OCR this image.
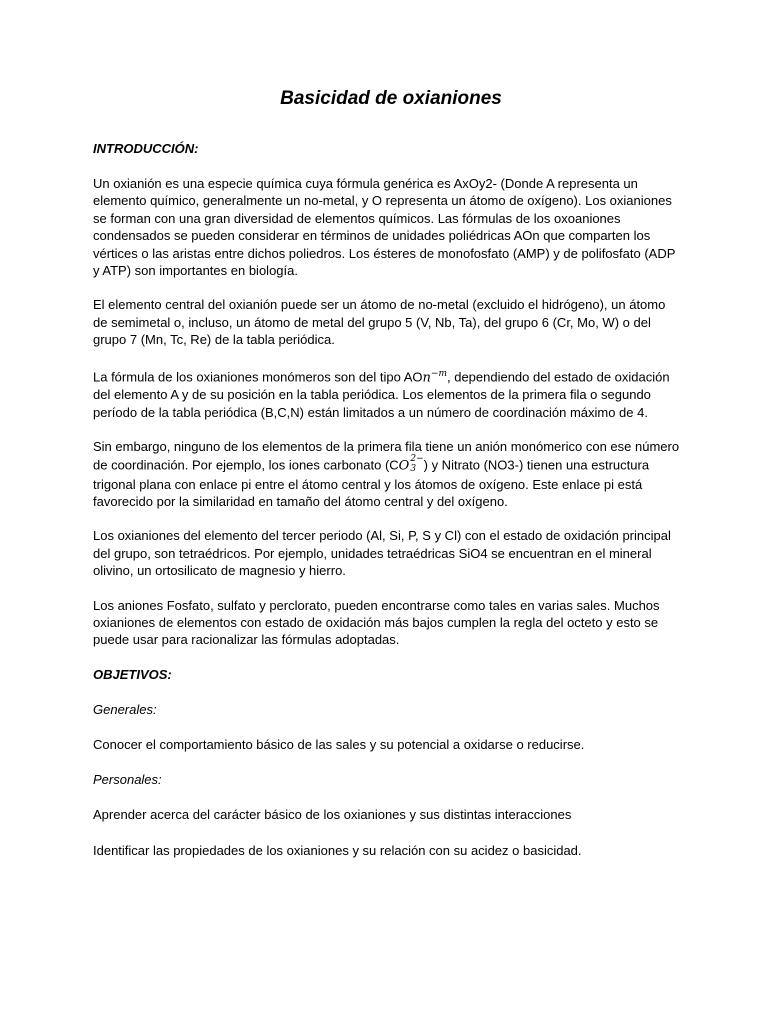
Basicidad de oxianiones
INTRODUCCIÓN:

Un oxianión es una especie química cuya fórmula genérica es AxOy2- (Donde A representa un elemento químico, generalmente un no-metal, y O representa un átomo de oxígeno). Los oxianiones se forman con una gran diversidad de elementos químicos. Las fórmulas de los oxoaniones condensados se pueden considerar en términos de unidades poliédricas AOn que comparten los vértices o las aristas entre dichos poliedros. Los ésteres de monofosfato (AMP) y de polifosfato (ADP y ATP) son importantes en biología.

El elemento central del oxianión puede ser un átomo de no-metal (excluido el hidrógeno), un átomo de semimetal o, incluso, un átomo de metal del grupo 5 (V, Nb, Ta), del grupo 6 (Cr, Mo, W) o del grupo 7 (Mn, Tc, Re) de la tabla periódica.

La fórmula de los oxianiones monómeros son del tipo AOn$^{-m}$, dependiendo del estado de oxidación del elemento A y de su posición en la tabla periódica. Los elementos de la primera fila o segundo período de la tabla periódica (B,C,N) están limitados a un número de coordinación máximo de 4.

Sin embargo, ninguno de los elementos de la primera fila tiene un anión monómerico con ese número de coordinación. Por ejemplo, los iones carbonato (CO 2−
3 ) y Nitrato (NO3-) tienen una estructura trigonal plana con enlace pi entre el átomo central y los átomos de oxígeno. Este enlace pi está favorecido por la similaridad en tamaño del átomo central y del oxígeno.

Los oxianiones del elemento del tercer periodo (Al, Si, P, S y Cl) con el estado de oxidación principal del grupo, son tetraédricos. Por ejemplo, unidades tetraédricas SiO4 se encuentran en el mineral olivino, un ortosilicato de magnesio y hierro.

Los aniones Fosfato, sulfato y perclorato, pueden encontrarse como tales en varias sales. Muchos oxianiones de elementos con estado de oxidación más bajos cumplen la regla del octeto y esto se puede usar para racionalizar las fórmulas adoptadas.

OBJETIVOS:
Generales:

Conocer el comportamiento básico de las sales y su potencial a oxidarse o reducirse.

Personales:

Aprender acerca del carácter básico de los oxianiones y sus distintas interacciones

Identificar las propiedades de los oxianiones y su relación con su acidez o basicidad.
